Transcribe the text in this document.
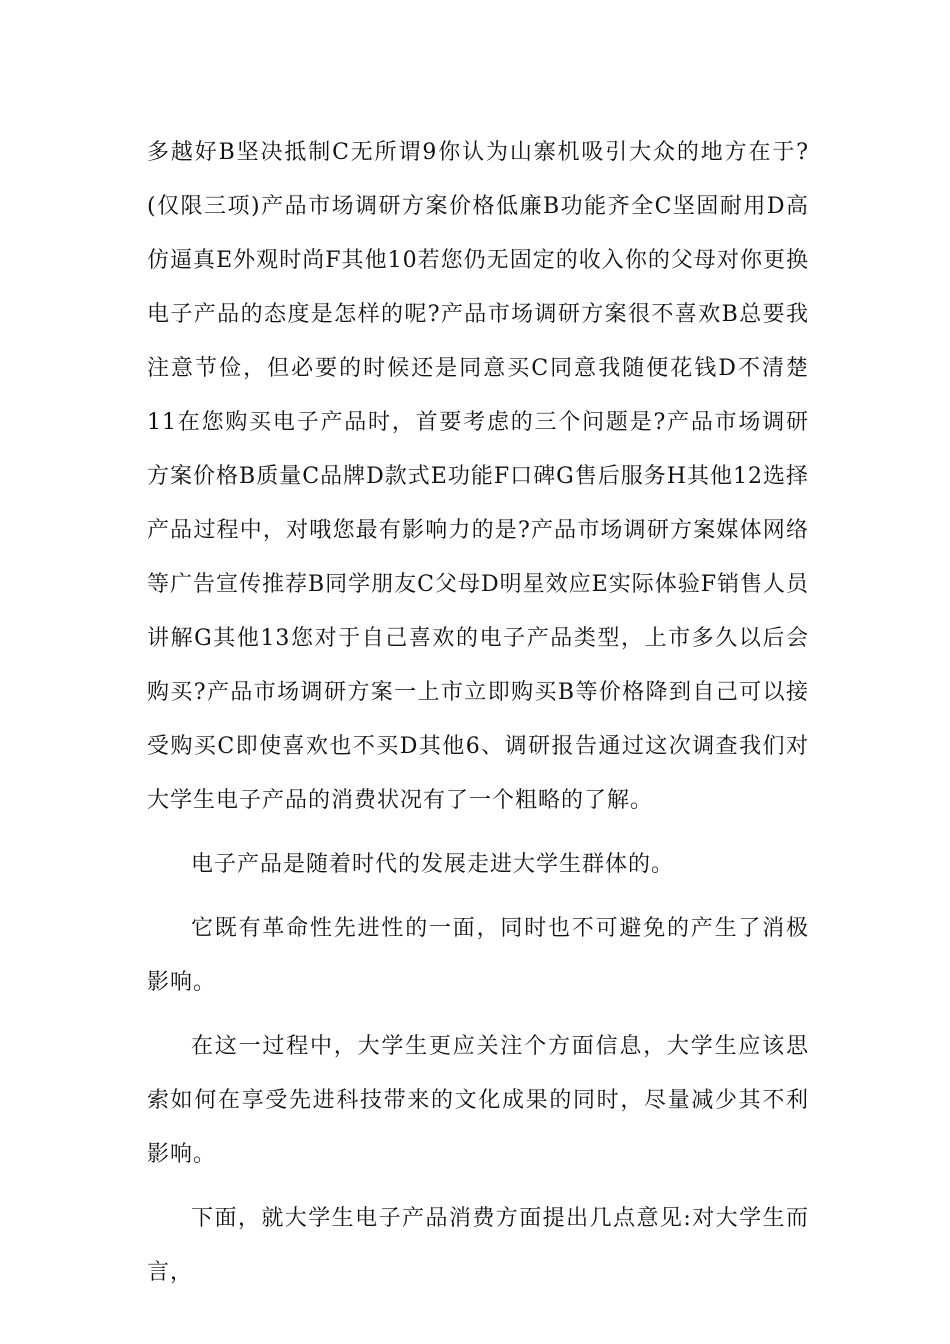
多越好B坚决抵制C无所谓9你认为山寨机吸引大众的地方在于?(仅限三项)产品市场调研方案价格低廉B功能齐全C坚固耐用D高仿逼真E外观时尚F其他10若您仍无固定的收入你的父母对你更换电子产品的态度是怎样的呢?产品市场调研方案很不喜欢B总要我注意节俭，但必要的时候还是同意买C同意我随便花钱D不清楚11在您购买电子产品时，首要考虑的三个问题是?产品市场调研方案价格B质量C品牌D款式E功能F口碑G售后服务H其他12选择产品过程中，对哦您最有影响力的是?产品市场调研方案媒体网络等广告宣传推荐B同学朋友C父母D明星效应E实际体验F销售人员讲解G其他13您对于自己喜欢的电子产品类型，上市多久以后会购买?产品市场调研方案一上市立即购买B等价格降到自己可以接受购买C即使喜欢也不买D其他6、调研报告通过这次调查我们对大学生电子产品的消费状况有了一个粗略的了解。

电子产品是随着时代的发展走进大学生群体的。

它既有革命性先进性的一面，同时也不可避免的产生了消极影响。

在这一过程中，大学生更应关注个方面信息，大学生应该思索如何在享受先进科技带来的文化成果的同时，尽量减少其不利影响。

下面，就大学生电子产品消费方面提出几点意见:对大学生而言，
